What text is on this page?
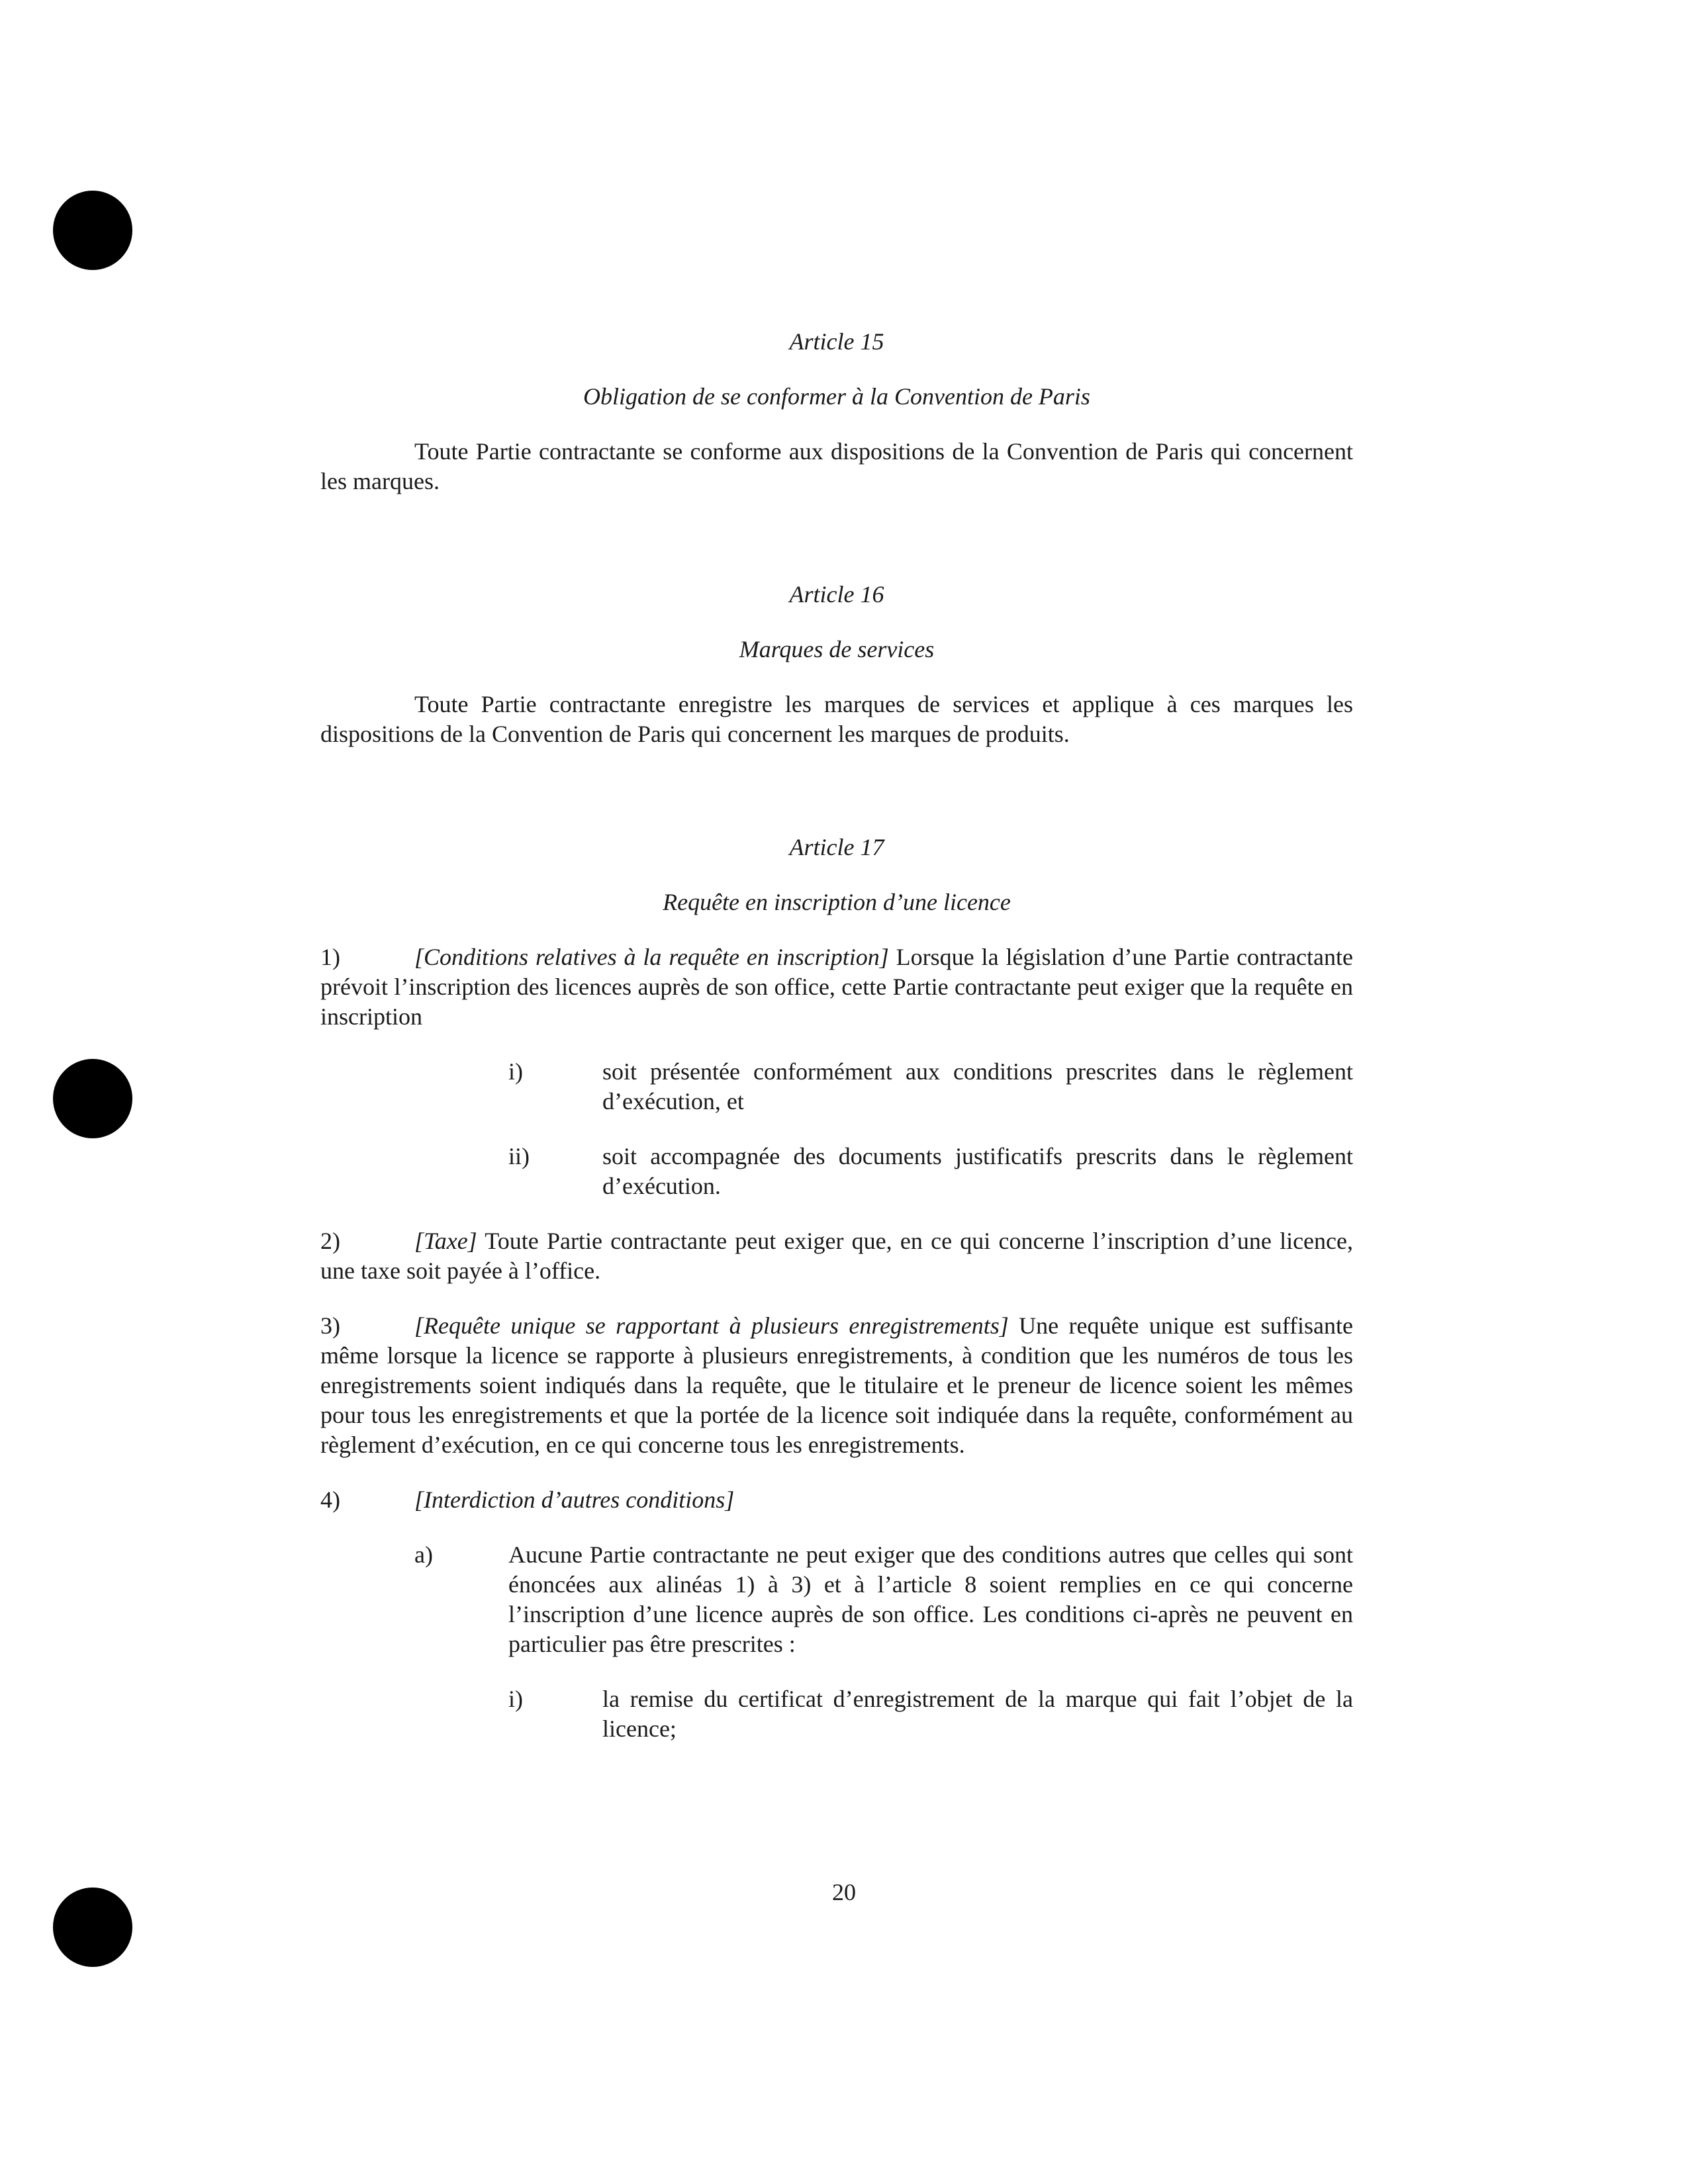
Article 15

Obligation de se conformer à la Convention de Paris

Toute Partie contractante se conforme aux dispositions de la Convention de Paris qui concernent les marques.

Article 16

Marques de services

Toute Partie contractante enregistre les marques de services et applique à ces marques les dispositions de la Convention de Paris qui concernent les marques de produits.

Article 17

Requête en inscription d’une licence

1)	[Conditions relatives à la requête en inscription] Lorsque la législation d’une Partie contractante prévoit l’inscription des licences auprès de son office, cette Partie contractante peut exiger que la requête en inscription
i)	soit présentée conformément aux conditions prescrites dans le règlement d’exécution, et
ii)	soit accompagnée des documents justificatifs prescrits dans le règlement d’exécution.
2)	[Taxe] Toute Partie contractante peut exiger que, en ce qui concerne l’inscription d’une licence, une taxe soit payée à l’office.
3)	[Requête unique se rapportant à plusieurs enregistrements] Une requête unique est suffisante même lorsque la licence se rapporte à plusieurs enregistrements, à condition que les numéros de tous les enregistrements soient indiqués dans la requête, que le titulaire et le preneur de licence soient les mêmes pour tous les enregistrements et que la portée de la licence soit indiquée dans la requête, conformément au règlement d’exécution, en ce qui concerne tous les enregistrements.
4)	[Interdiction d’autres conditions]
a)	Aucune Partie contractante ne peut exiger que des conditions autres que celles qui sont énoncées aux alinéas 1) à 3) et à l’article 8 soient remplies en ce qui concerne l’inscription d’une licence auprès de son office. Les conditions ci-après ne peuvent en particulier pas être prescrites :
i)	la remise du certificat d’enregistrement de la marque qui fait l’objet de la licence;
20
